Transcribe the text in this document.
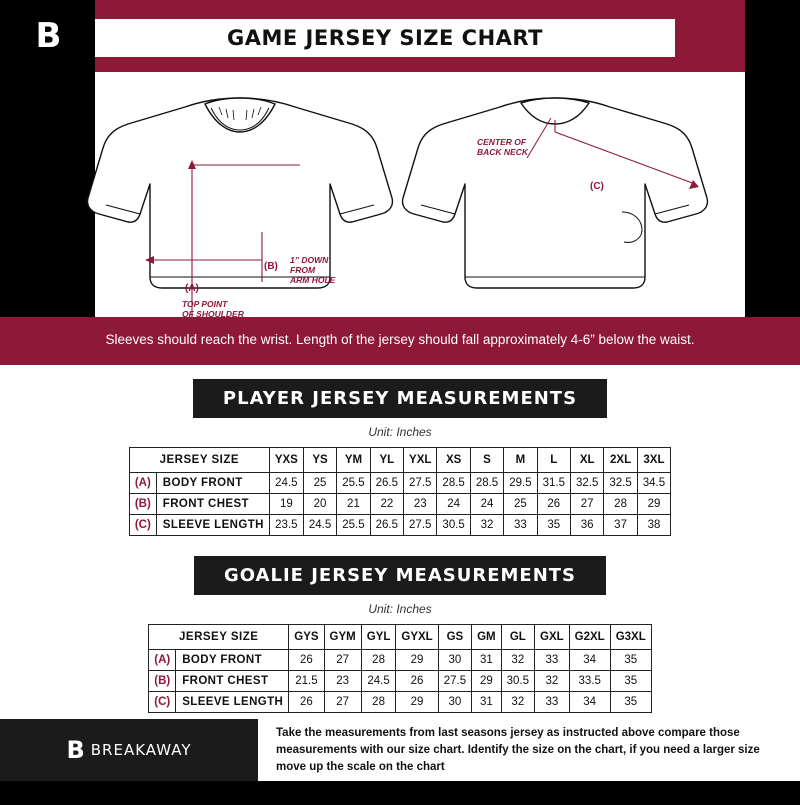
B	GAME JERSEY SIZE CHART
(B)
(A)
1” DOWN
FROM
ARM HOLE
TOP POINT
OF SHOULDER
(C)
CENTER OF
BACK NECK
Sleeves should reach the wrist. Length of the jersey should fall approximately 4-6” below the waist.
PLAYER JERSEY MEASUREMENTS
Unit: Inches
JERSEY SIZE		YXS	YS	YM	YL	YXL	XS	S	M	L	XL	2XL	3XL
(A)	BODY FRONT	24.5	25	25.5	26.5	27.5	28.5	28.5	29.5	31.5	32.5	32.5	34.5
(B)	FRONT CHEST	19	20	21	22	23	24	24	25	26	27	28	29
(C)	SLEEVE LENGTH	23.5	24.5	25.5	26.5	27.5	30.5	32	33	35	36	37	38
GOALIE JERSEY MEASUREMENTS
Unit: Inches
JERSEY SIZE		GYS	GYM	GYL	GYXL	GS	GM	GL	GXL	G2XL	G3XL
(A)	BODY FRONT	26	27	28	29	30	31	32	33	34	35
(B)	FRONT CHEST	21.5	23	24.5	26	27.5	29	30.5	32	33.5	35
(C)	SLEEVE LENGTH	26	27	28	29	30	31	32	33	34	35
B BREAKAWAY
Take the measurements from last seasons jersey as instructed above compare those measurements with our size chart. Identify the size on the chart, if you need a larger size move up the scale on the chart
